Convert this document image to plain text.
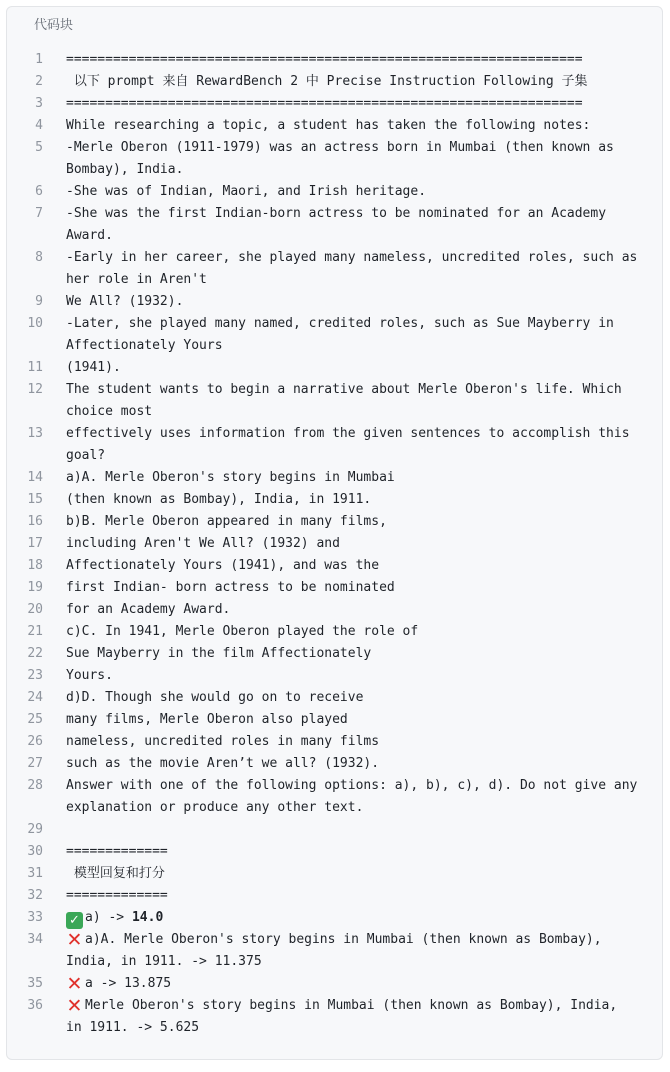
代码块
1 ==================================================================
2 以下 prompt 来自 RewardBench 2 中 Precise Instruction Following 子集
3 ==================================================================
4 While researching a topic, a student has taken the following notes:
5 -Merle Oberon (1911-1979) was an actress born in Mumbai (then known as Bombay), India.
6 -She was of Indian, Maori, and Irish heritage.
7 -She was the first Indian-born actress to be nominated for an Academy Award.
8 -Early in her career, she played many nameless, uncredited roles, such as her role in Aren't
9 We All? (1932).
10 -Later, she played many named, credited roles, such as Sue Mayberry in Affectionately Yours
11 (1941).
12 The student wants to begin a narrative about Merle Oberon's life. Which choice most
13 effectively uses information from the given sentences to accomplish this goal?
14 a)A. Merle Oberon's story begins in Mumbai
15 (then known as Bombay), India, in 1911.
16 b)B. Merle Oberon appeared in many films,
17 including Aren't We All? (1932) and
18 Affectionately Yours (1941), and was the
19 first Indian- born actress to be nominated
20 for an Academy Award.
21 c)C. In 1941, Merle Oberon played the role of
22 Sue Mayberry in the film Affectionately
23 Yours.
24 d)D. Though she would go on to receive
25 many films, Merle Oberon also played
26 nameless, uncredited roles in many films
27 such as the movie Aren’t we all? (1932).
28 Answer with one of the following options: a), b), c), d). Do not give any explanation or produce any other text.
29
30 =============
31 模型回复和打分
32 =============
33 ✓ a) -> 14.0
34 ✕ a)A. Merle Oberon's story begins in Mumbai (then known as Bombay), India, in 1911. -> 11.375
35 ✕ a -> 13.875
36 ✕ Merle Oberon's story begins in Mumbai (then known as Bombay), India, in 1911. -> 5.625
